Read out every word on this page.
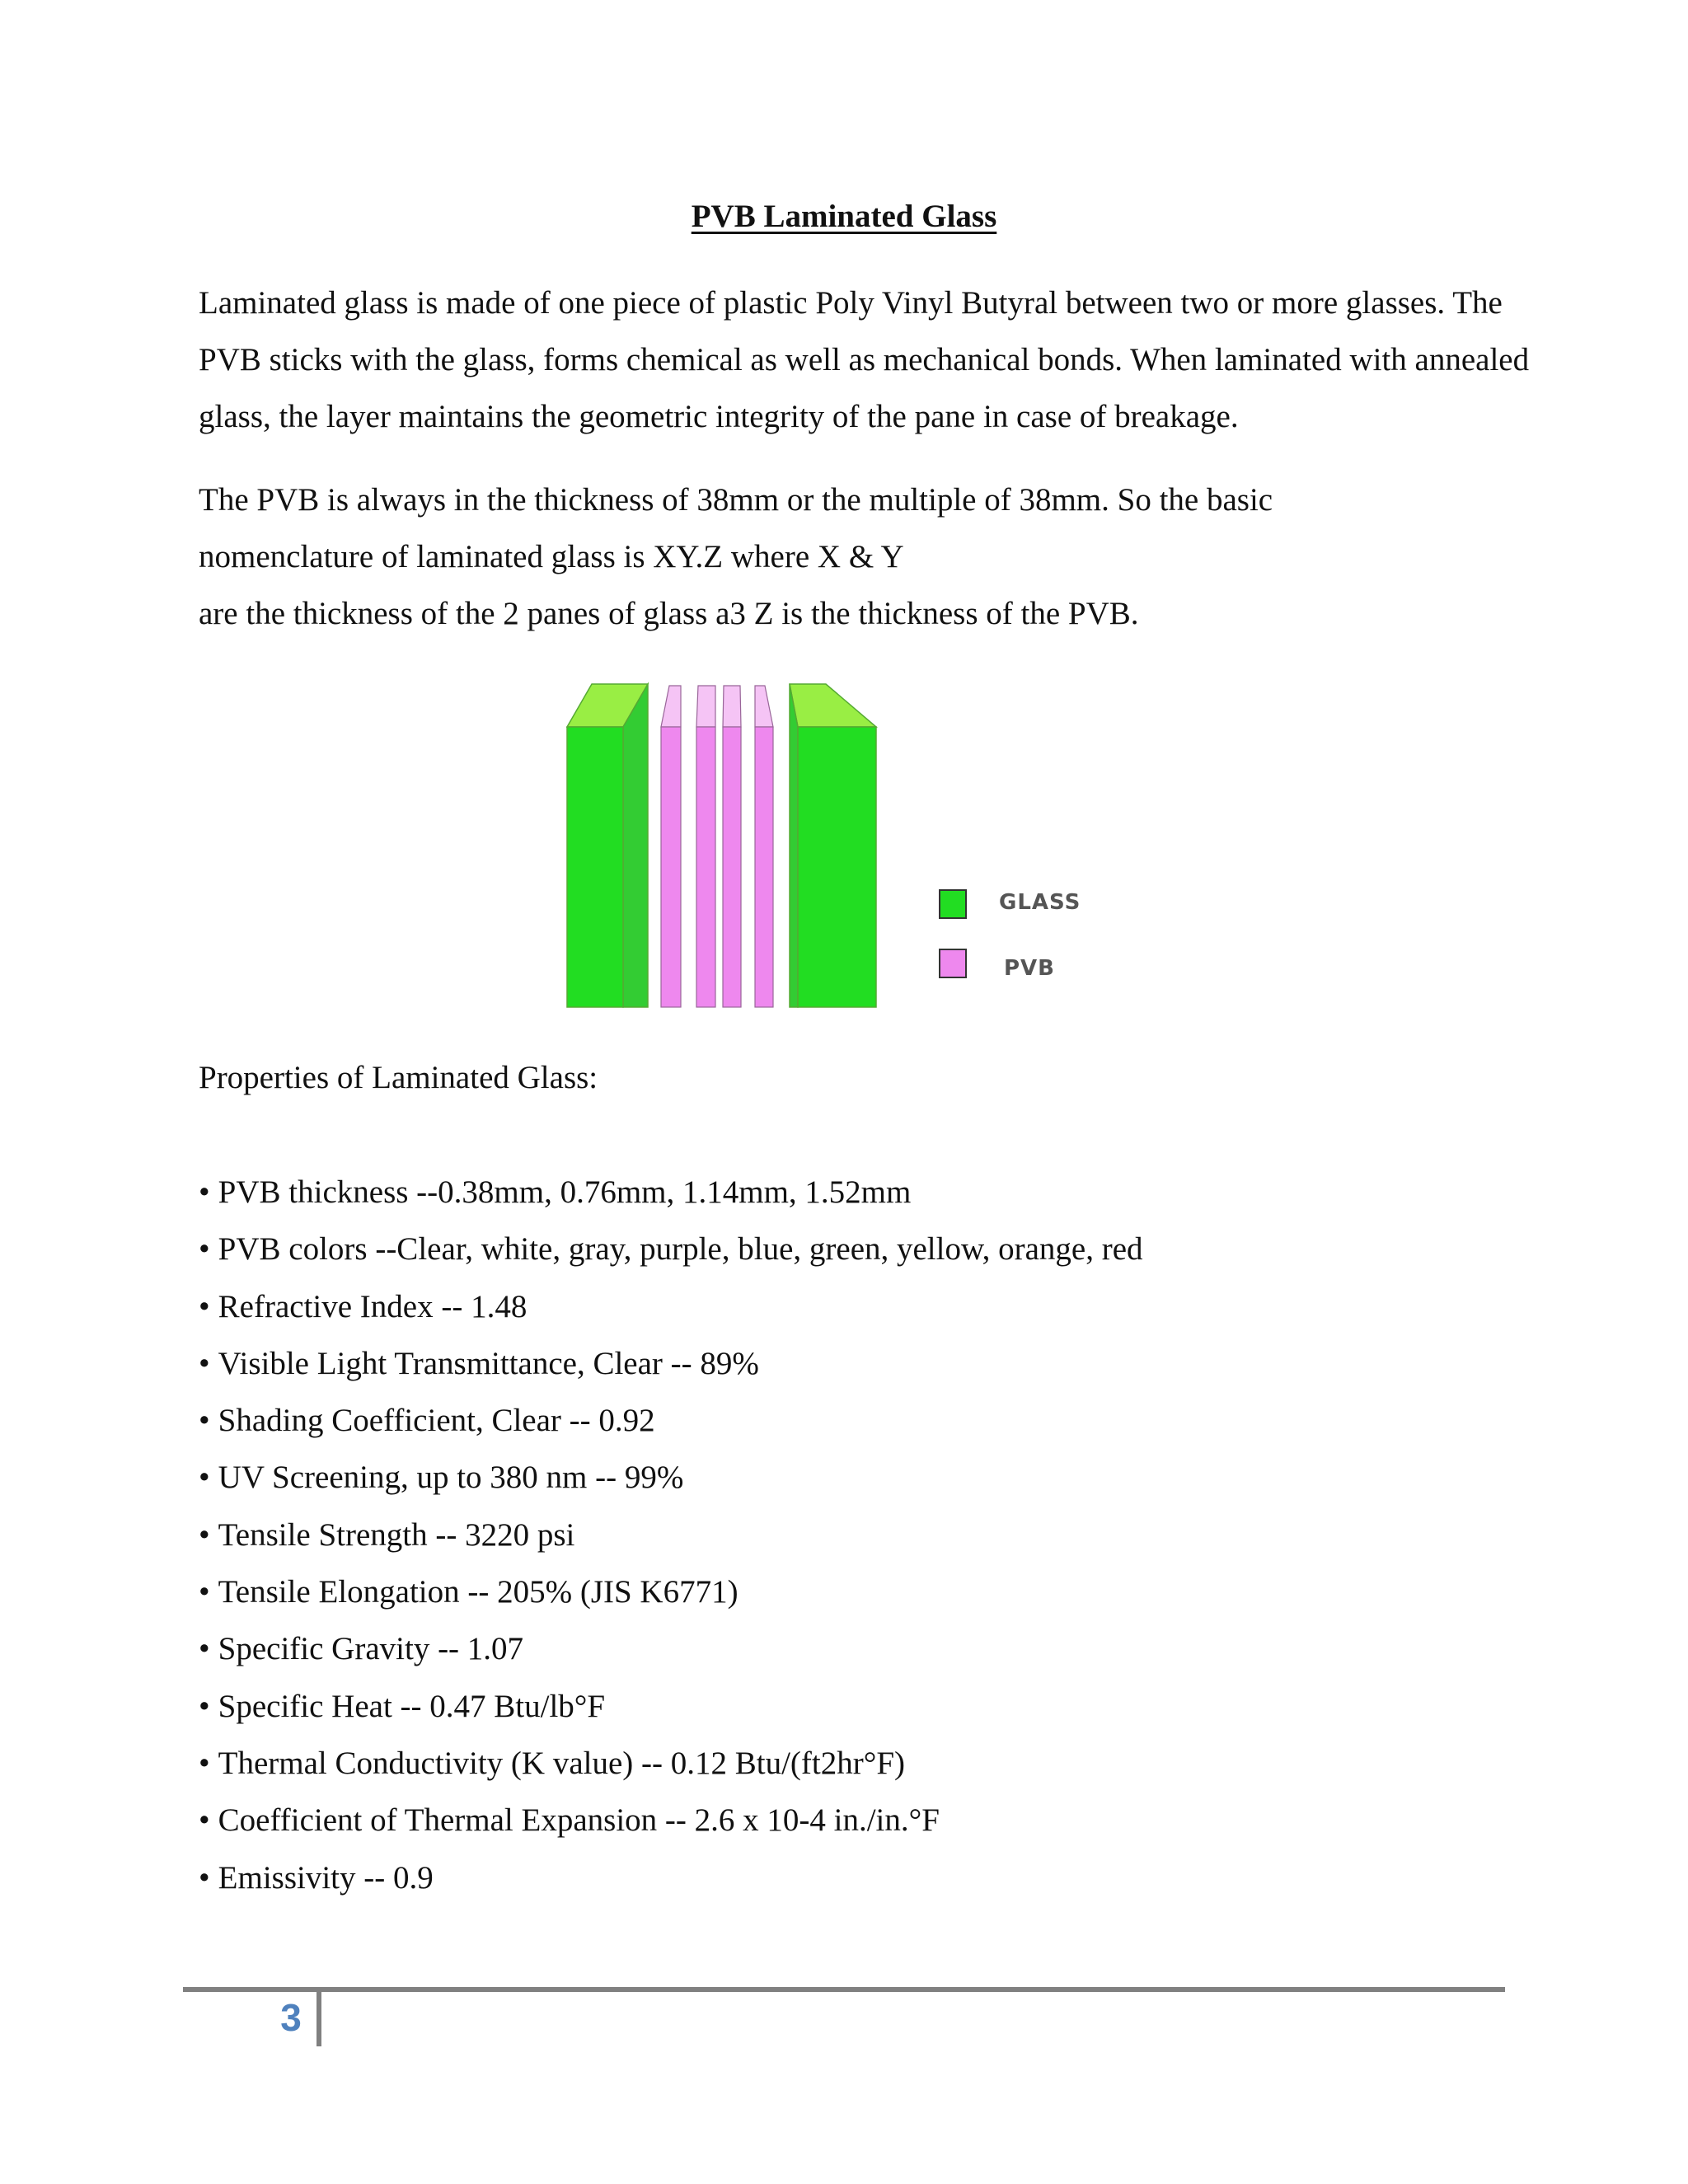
PVB Laminated Glass

Laminated glass is made of one piece of plastic Poly Vinyl Butyral between two or more glasses. The PVB sticks with the glass, forms chemical as well as mechanical bonds. When laminated with annealed glass, the layer maintains the geometric integrity of the pane in case of breakage.

The PVB is always in the thickness of 38mm or the multiple of 38mm. So the basic
nomenclature of laminated glass is XY.Z where X & Y
are the thickness of the 2 panes of glass a3 Z is the thickness of the PVB.

GLASS
PVB

Properties of Laminated Glass:

• PVB thickness --0.38mm, 0.76mm, 1.14mm, 1.52mm
• PVB colors --Clear, white, gray, purple, blue, green, yellow, orange, red
• Refractive Index -- 1.48
• Visible Light Transmittance, Clear -- 89%
• Shading Coefficient, Clear -- 0.92
• UV Screening, up to 380 nm -- 99%
• Tensile Strength -- 3220 psi
• Tensile Elongation -- 205% (JIS K6771)
• Specific Gravity -- 1.07
• Specific Heat -- 0.47 Btu/lb°F
• Thermal Conductivity (K value) -- 0.12 Btu/(ft2hr°F)
• Coefficient of Thermal Expansion -- 2.6 x 10-4 in./in.°F
• Emissivity -- 0.9
3
